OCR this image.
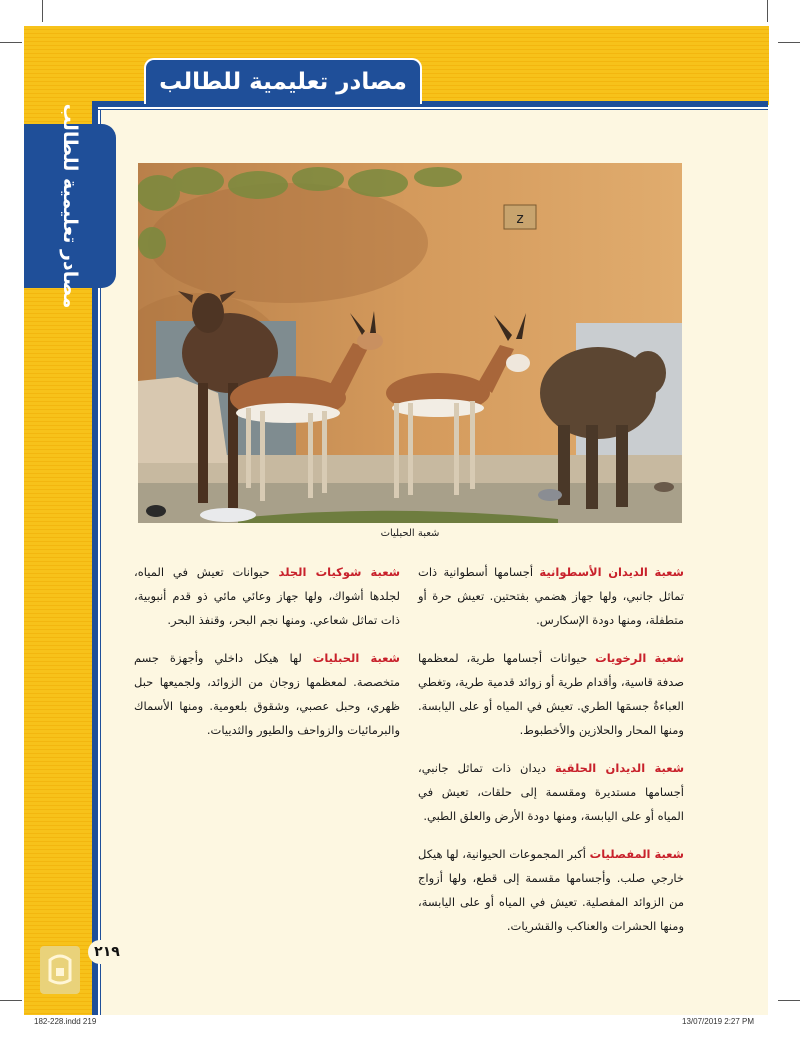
مصادر تعليمية للطالب
مصادر تعليمية للطالب	z
شعبة الحبليات

شعبة الديدان الأسطوانية أجسامها أسطوانية ذات تماثل جانبي، ولها جهاز هضمي بفتحتين. تعيش حرة أو متطفلة، ومنها دودة الإسكارس.

شعبة الرخويات حيوانات أجسامها طرية، لمعظمها صدفة قاسية، وأقدام طرية أو زوائد قدمية طرية، وتغطي العباءةُ جسمَها الطري. تعيش في المياه أو على اليابسة. ومنها المحار والحلازين والأخطبوط.

شعبة الديدان الحلقية ديدان ذات تماثل جانبي، أجسامها مستديرة ومقسمة إلى حلقات، تعيش في المياه أو على اليابسة، ومنها دودة الأرض والعلق الطبي.

شعبة المفصليات أكبر المجموعات الحيوانية، لها هيكل خارجي صلب. وأجسامها مقسمة إلى قطع، ولها أزواج من الزوائد المفصلية. تعيش في المياه أو على اليابسة، ومنها الحشرات والعناكب والقشريات.

شعبة شوكيات الجلد حيوانات تعيش في المياه، لجلدها أشواك، ولها جهاز وعائي مائي ذو قدم أنبوبية، ذات تماثل شعاعي. ومنها نجم البحر، وقنفذ البحر.

شعبة الحبليات لها هيكل داخلي وأجهزة جسم متخصصة. لمعظمها زوجان من الزوائد، ولجميعها حبل ظهري، وحبل عصبي، وشقوق بلعومية. ومنها الأسماك والبرمائيات والزواحف والطيور والثدييات.

٢١٩
182-228.indd 219	13/07/2019 2:27 PM
